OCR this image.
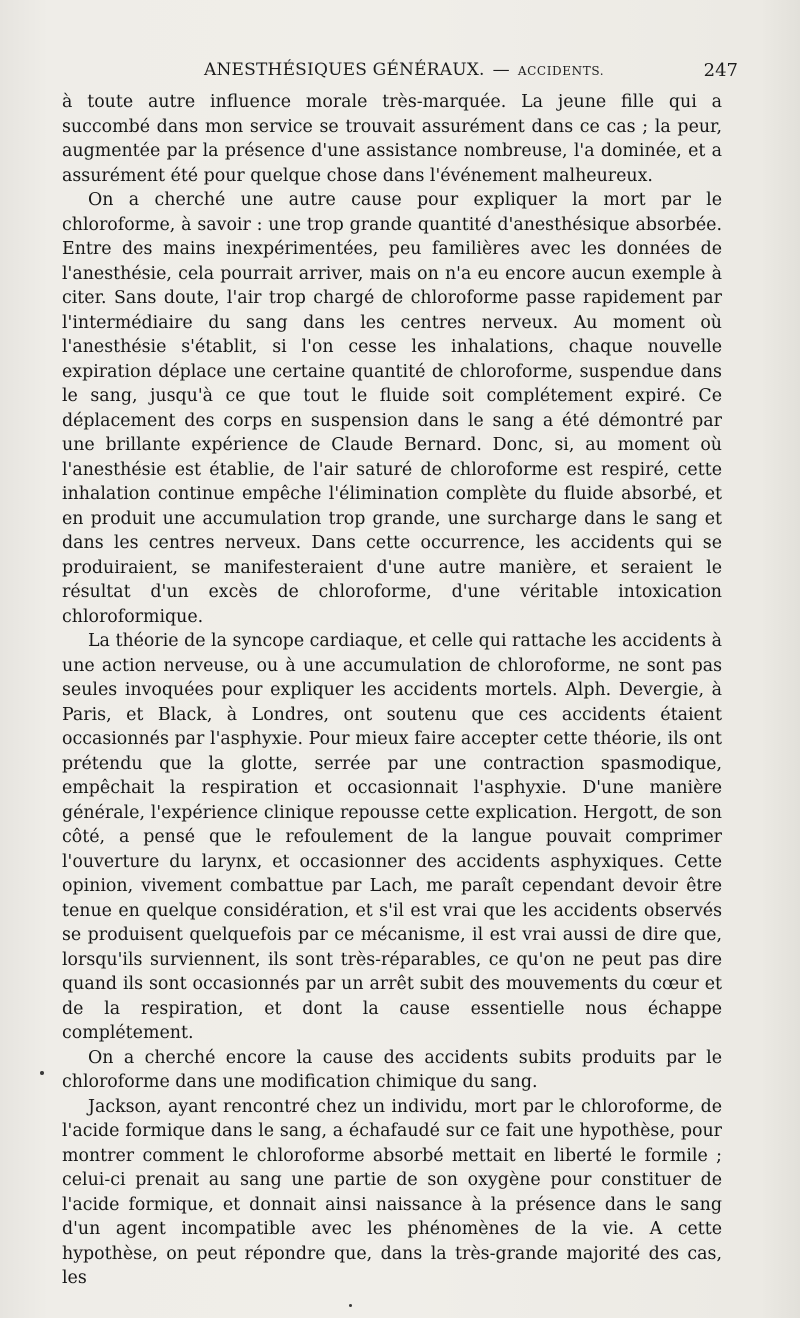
ANESTHÉSIQUES GÉNÉRAUX. — ACCIDENTS.	247

à toute autre influence morale très-marquée. La jeune fille qui a succombé dans mon service se trouvait assurément dans ce cas ; la peur, augmentée par la présence d'une assistance nombreuse, l'a dominée, et a assurément été pour quelque chose dans l'événement malheureux.

On a cherché une autre cause pour expliquer la mort par le chloroforme, à savoir : une trop grande quantité d'anesthésique absorbée. Entre des mains inexpérimentées, peu familières avec les données de l'anesthésie, cela pourrait arriver, mais on n'a eu encore aucun exemple à citer. Sans doute, l'air trop chargé de chloroforme passe rapidement par l'intermédiaire du sang dans les centres nerveux. Au moment où l'anesthésie s'établit, si l'on cesse les inhalations, chaque nouvelle expiration déplace une certaine quantité de chloroforme, suspendue dans le sang, jusqu'à ce que tout le fluide soit complétement expiré. Ce déplacement des corps en suspension dans le sang a été démontré par une brillante expérience de Claude Bernard. Donc, si, au moment où l'anesthésie est établie, de l'air saturé de chloroforme est respiré, cette inhalation continue empêche l'élimination complète du fluide absorbé, et en produit une accumulation trop grande, une surcharge dans le sang et dans les centres nerveux. Dans cette occurrence, les accidents qui se produiraient, se manifesteraient d'une autre manière, et seraient le résultat d'un excès de chloroforme, d'une véritable intoxication chloroformique.

La théorie de la syncope cardiaque, et celle qui rattache les accidents à une action nerveuse, ou à une accumulation de chloroforme, ne sont pas seules invoquées pour expliquer les accidents mortels. Alph. Devergie, à Paris, et Black, à Londres, ont soutenu que ces accidents étaient occasionnés par l'asphyxie. Pour mieux faire accepter cette théorie, ils ont prétendu que la glotte, serrée par une contraction spasmodique, empêchait la respiration et occasionnait l'asphyxie. D'une manière générale, l'expérience clinique repousse cette explication. Hergott, de son côté, a pensé que le refoulement de la langue pouvait comprimer l'ouverture du larynx, et occasionner des accidents asphyxiques. Cette opinion, vivement combattue par Lach, me paraît cependant devoir être tenue en quelque considération, et s'il est vrai que les accidents observés se produisent quelquefois par ce mécanisme, il est vrai aussi de dire que, lorsqu'ils surviennent, ils sont très-réparables, ce qu'on ne peut pas dire quand ils sont occasionnés par un arrêt subit des mouvements du cœur et de la respiration, et dont la cause essentielle nous échappe complétement.

On a cherché encore la cause des accidents subits produits par le chloroforme dans une modification chimique du sang.

Jackson, ayant rencontré chez un individu, mort par le chloroforme, de l'acide formique dans le sang, a échafaudé sur ce fait une hypothèse, pour montrer comment le chloroforme absorbé mettait en liberté le formile ; celui-ci prenait au sang une partie de son oxygène pour constituer de l'acide formique, et donnait ainsi naissance à la présence dans le sang d'un agent incompatible avec les phénomènes de la vie. A cette hypothèse, on peut répondre que, dans la très-grande majorité des cas, les
